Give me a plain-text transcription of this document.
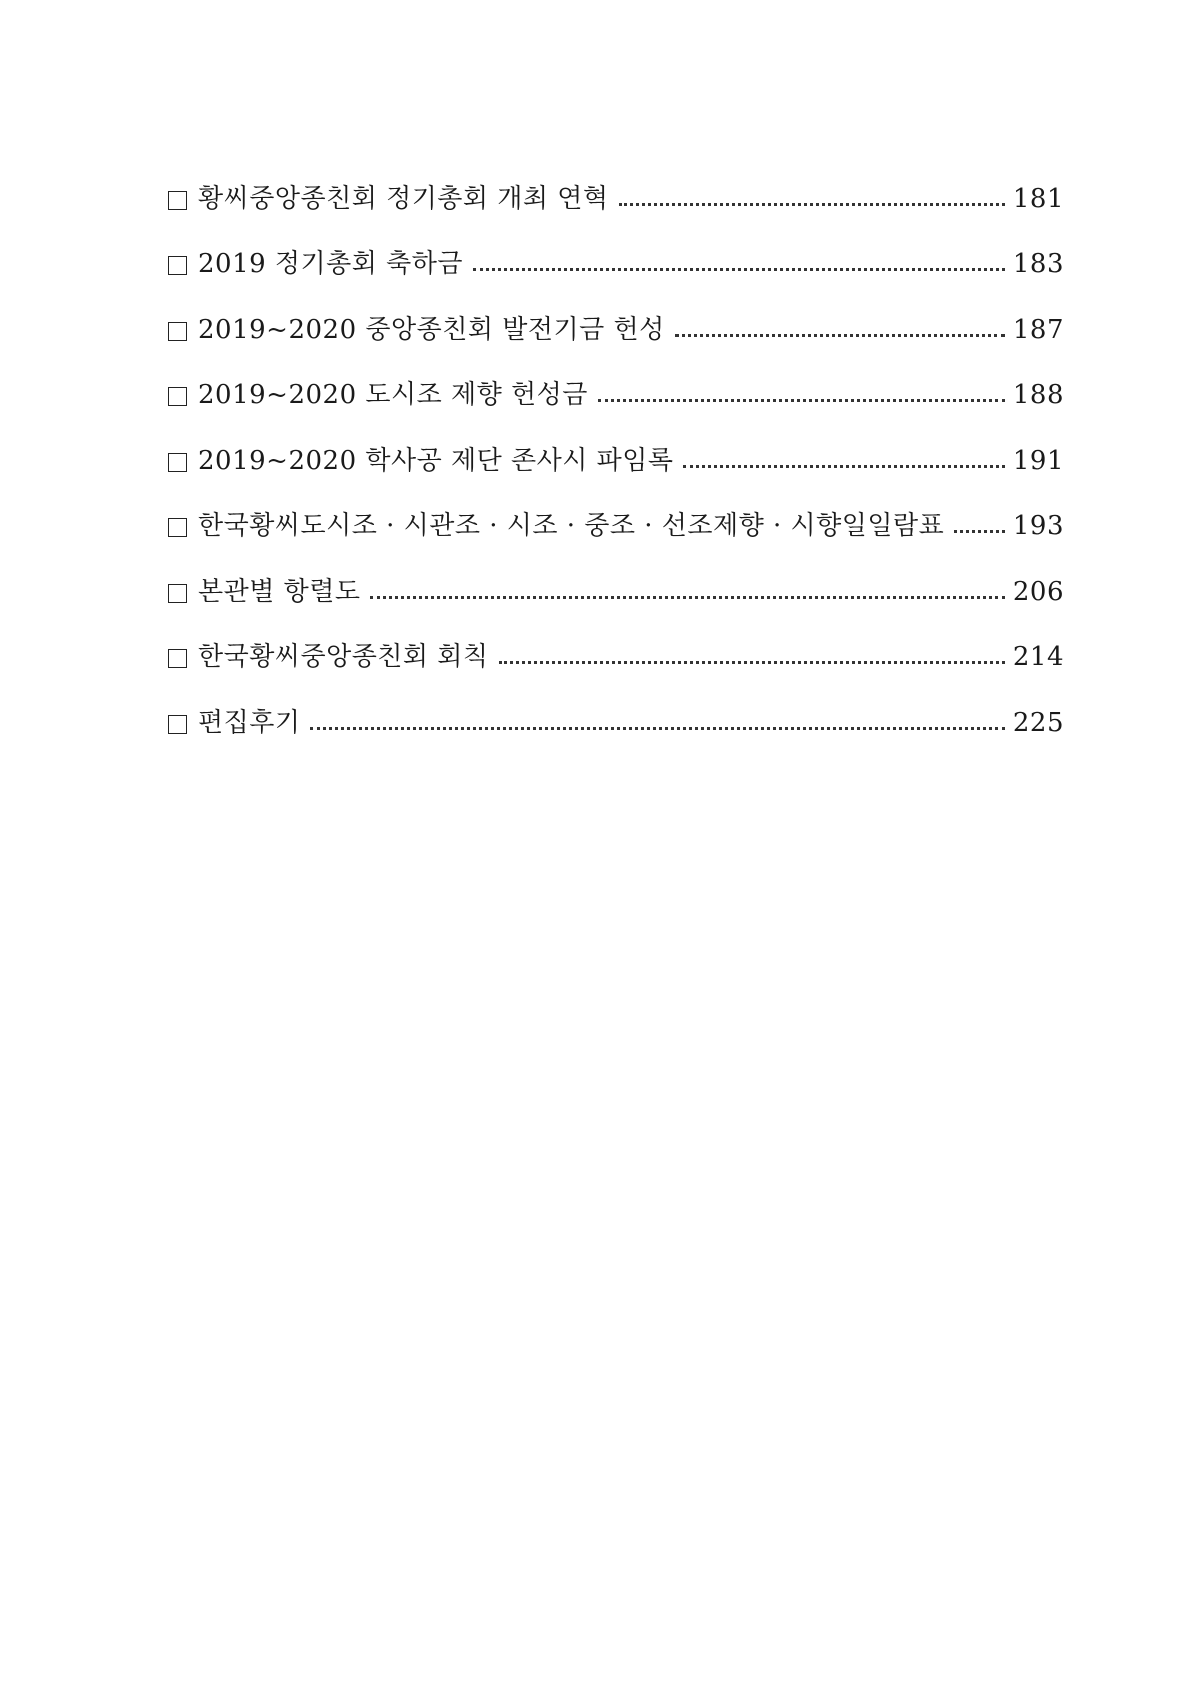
황씨중앙종친회 정기총회 개최 연혁	181
2019 정기총회 축하금	183
2019~2020 중앙종친회 발전기금 헌성	187
2019~2020 도시조 제향 헌성금	188
2019~2020 학사공 제단 존사시 파임록	191
한국황씨도시조 · 시관조 · 시조 · 중조 · 선조제향 · 시향일일람표	193
본관별 항렬도	206
한국황씨중앙종친회 회칙	214
편집후기	225
